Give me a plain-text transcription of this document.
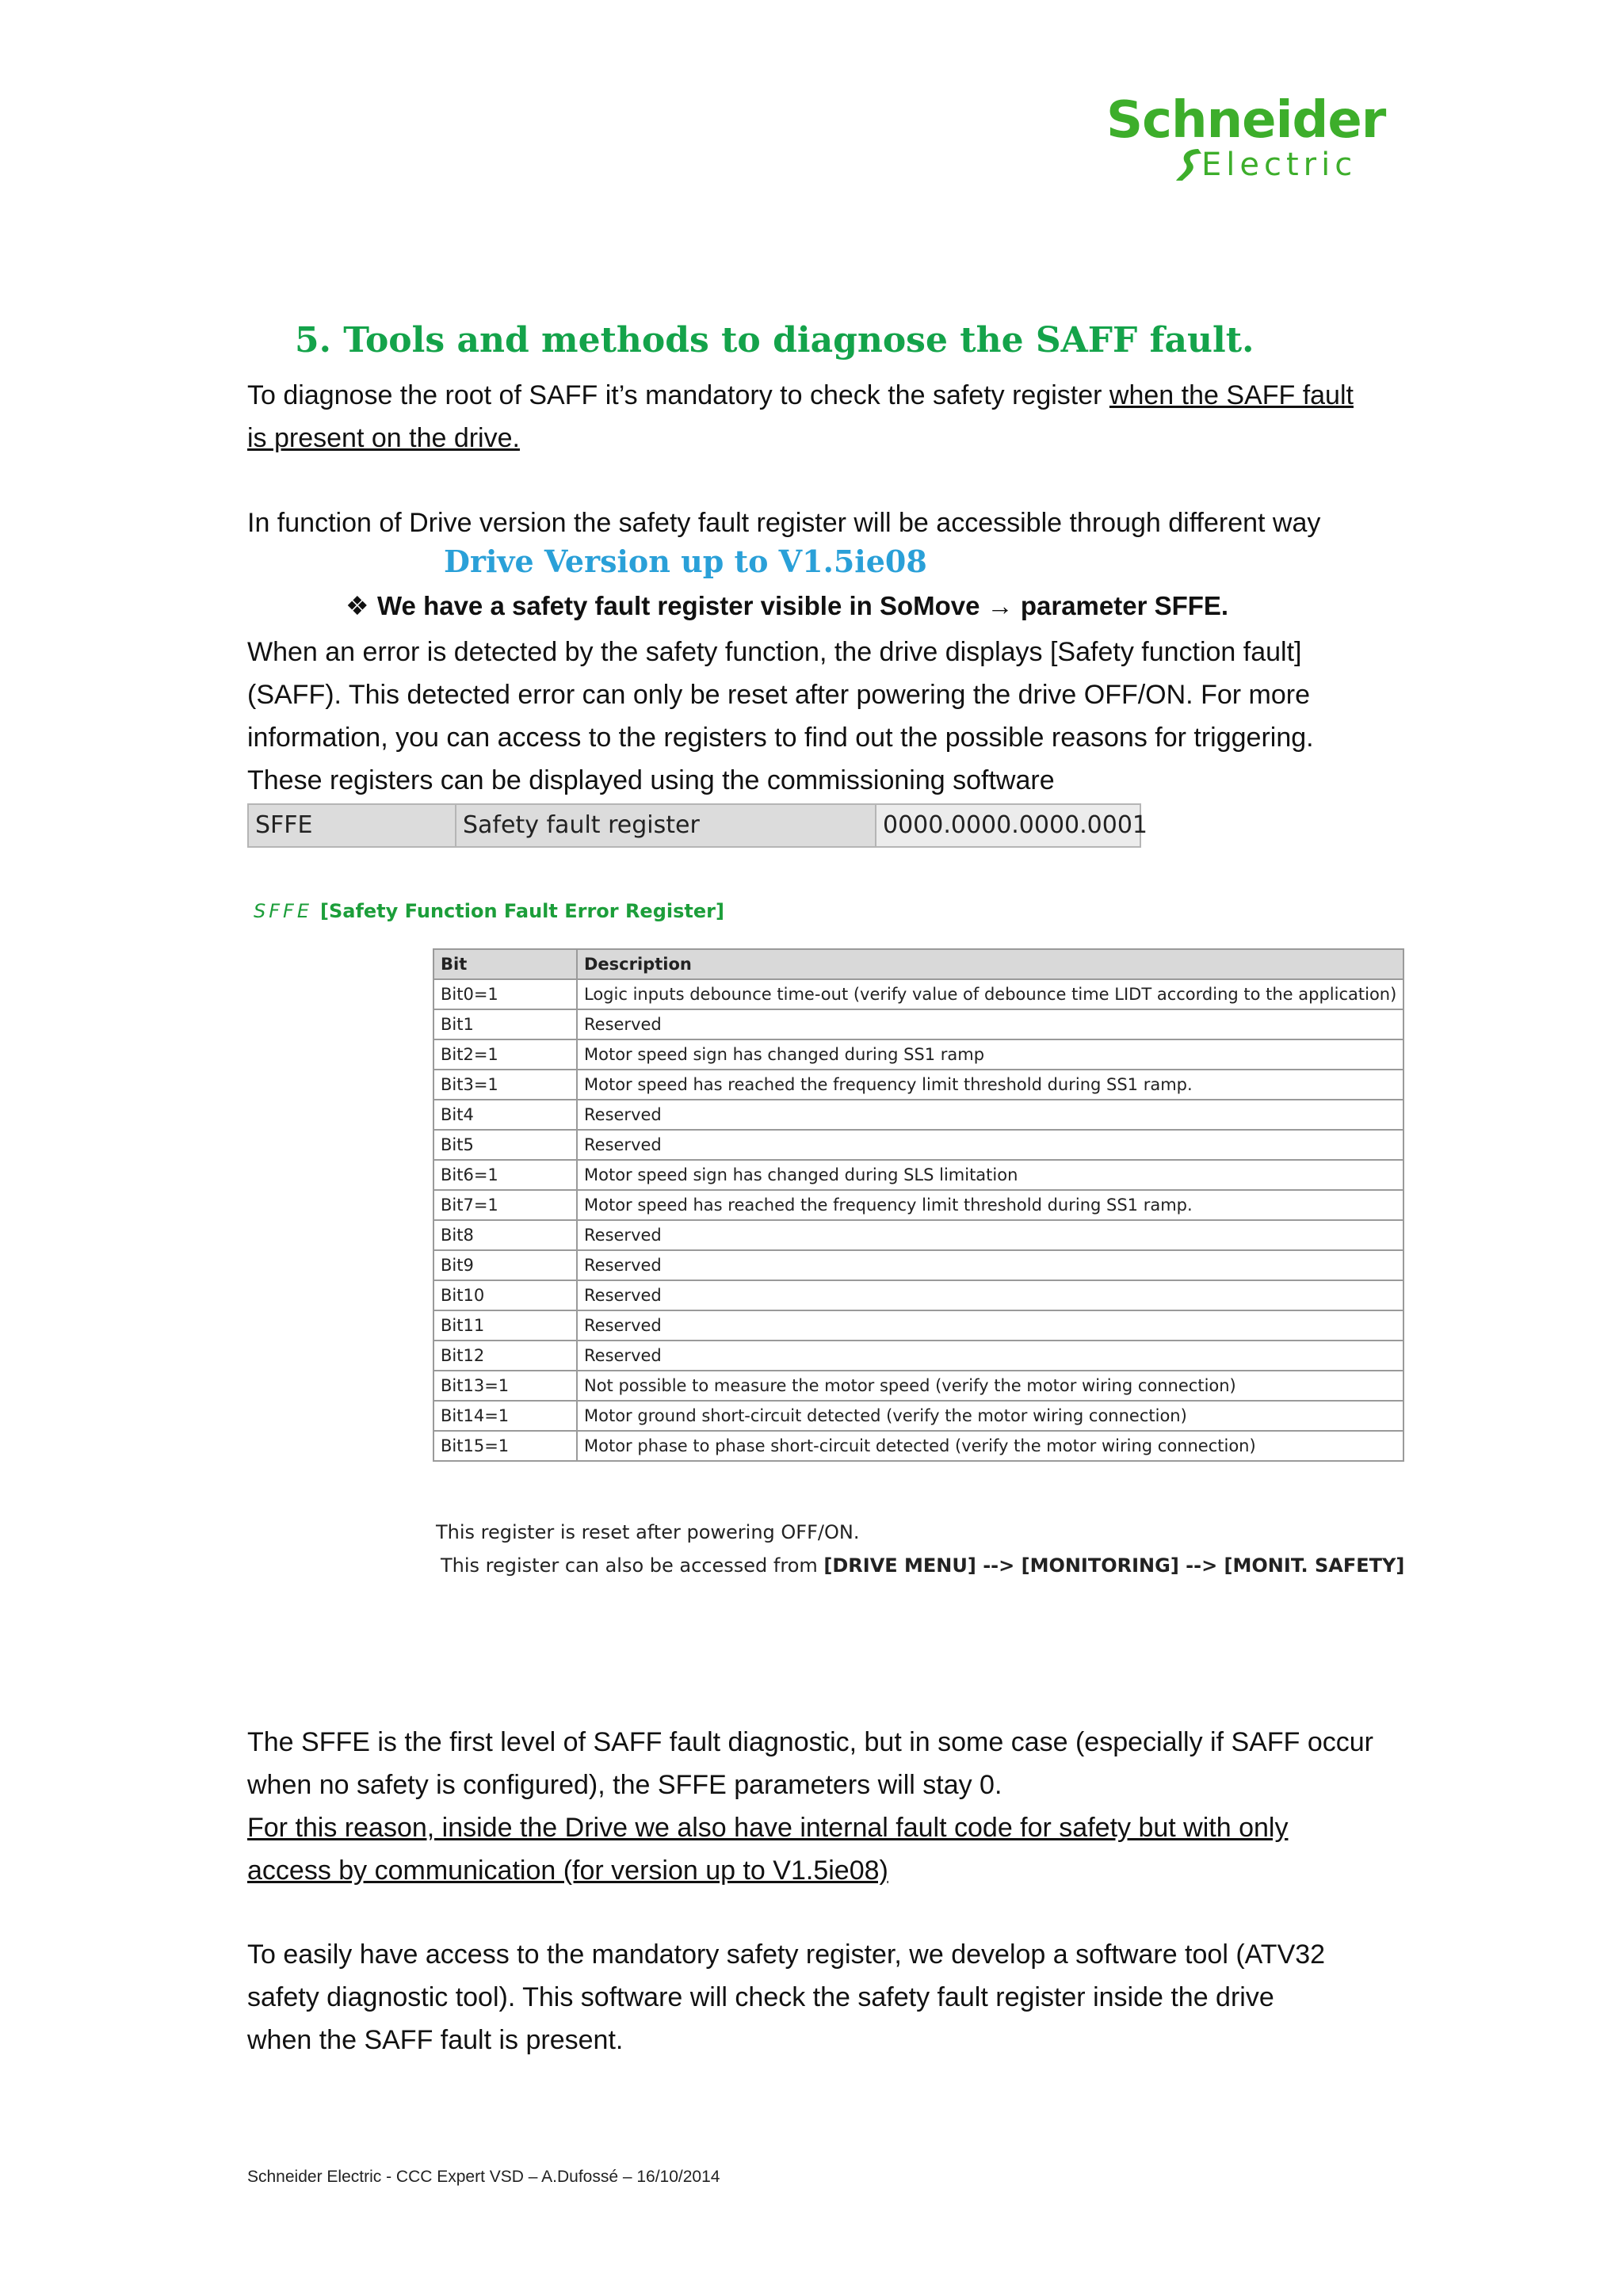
Schneider
Electric
5. Tools and methods to diagnose the SAFF fault.
To diagnose the root of SAFF it’s mandatory to check the safety register when the SAFF fault
is present on the drive.
In function of Drive version the safety fault register will be accessible through different way
Drive Version up to V1.5ie08
❖ We have a safety fault register visible in SoMove → parameter SFFE.
When an error is detected by the safety function, the drive displays [Safety function fault]
(SAFF). This detected error can only be reset after powering the drive OFF/ON. For more
information, you can access to the registers to find out the possible reasons for triggering.
These registers can be displayed using the commissioning software
SFFE	Safety fault register	0000.0000.0000.0001
SFFE [Safety Function Fault Error Register]
Bit	Description
Bit0=1	Logic inputs debounce time-out (verify value of debounce time LIDT according to the application)
Bit1	Reserved
Bit2=1	Motor speed sign has changed during SS1 ramp
Bit3=1	Motor speed has reached the frequency limit threshold during SS1 ramp.
Bit4	Reserved
Bit5	Reserved
Bit6=1	Motor speed sign has changed during SLS limitation
Bit7=1	Motor speed has reached the frequency limit threshold during SS1 ramp.
Bit8	Reserved
Bit9	Reserved
Bit10	Reserved
Bit11	Reserved
Bit12	Reserved
Bit13=1	Not possible to measure the motor speed (verify the motor wiring connection)
Bit14=1	Motor ground short-circuit detected (verify the motor wiring connection)
Bit15=1	Motor phase to phase short-circuit detected (verify the motor wiring connection)
This register is reset after powering OFF/ON.
This register can also be accessed from [DRIVE MENU] --> [MONITORING] --> [MONIT. SAFETY]
The SFFE is the first level of SAFF fault diagnostic, but in some case (especially if SAFF occur
when no safety is configured), the SFFE parameters will stay 0.
For this reason, inside the Drive we also have internal fault code for safety but with only
access by communication (for version up to V1.5ie08)
To easily have access to the mandatory safety register, we develop a software tool (ATV32
safety diagnostic tool). This software will check the safety fault register inside the drive
when the SAFF fault is present.
Schneider Electric - CCC Expert VSD – A.Dufossé – 16/10/2014
